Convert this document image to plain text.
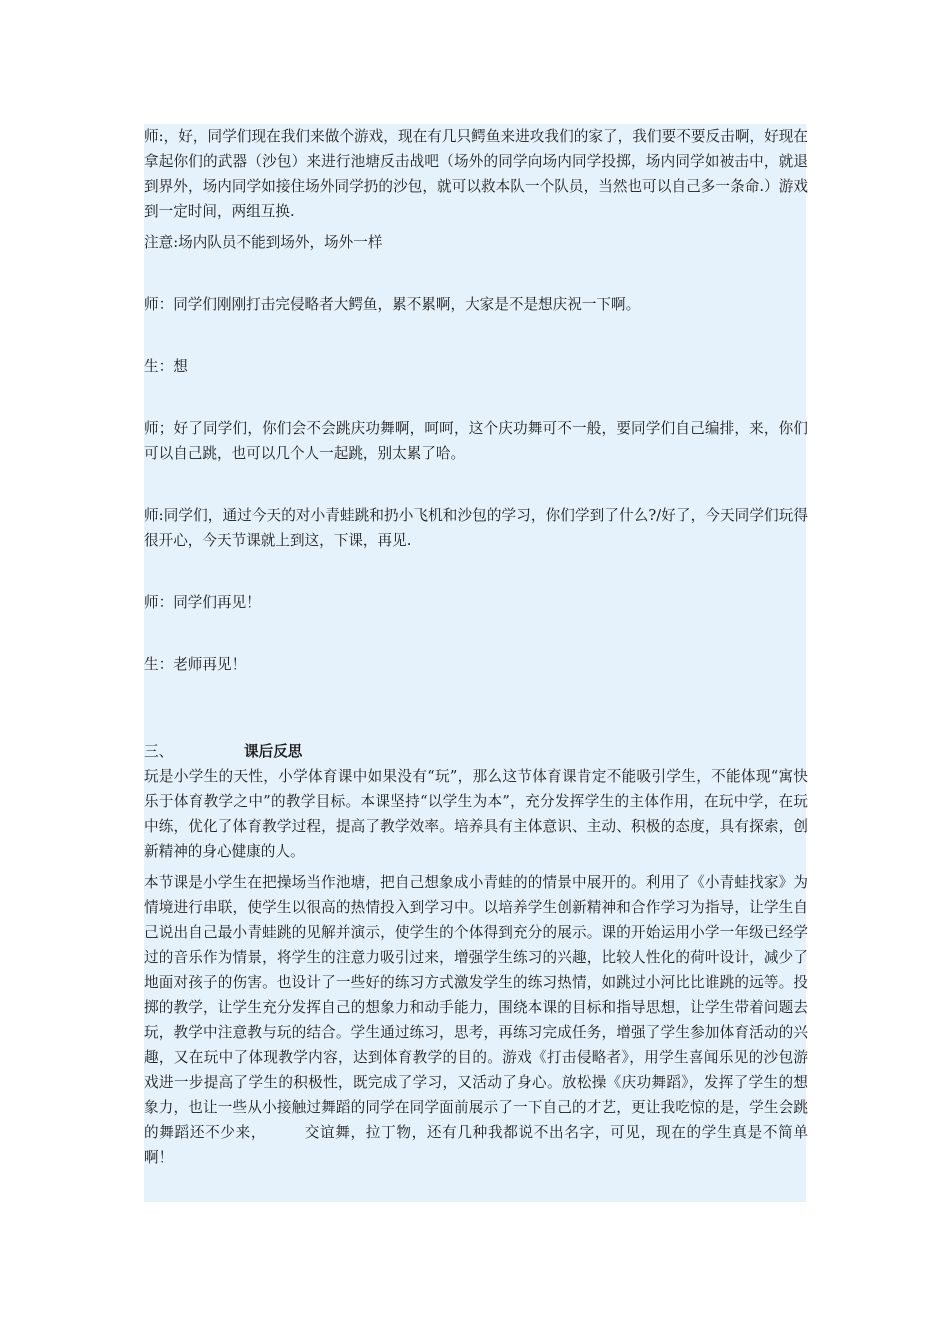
师:，好，同学们现在我们来做个游戏，现在有几只鳄鱼来进攻我们的家了，我们要不要反击啊，好现在拿起你们的武器（沙包）来进行池塘反击战吧（场外的同学向场内同学投掷，场内同学如被击中，就退到界外，场内同学如接住场外同学扔的沙包，就可以救本队一个队员，当然也可以自己多一条命.）游戏到一定时间，两组互换.

注意:场内队员不能到场外，场外一样

师：同学们刚刚打击完侵略者大鳄鱼，累不累啊，大家是不是想庆祝一下啊。

生：想

师；好了同学们，你们会不会跳庆功舞啊，呵呵，这个庆功舞可不一般，要同学们自己编排，来，你们可以自己跳，也可以几个人一起跳，别太累了哈。

师:同学们，通过今天的对小青蛙跳和扔小飞机和沙包的学习，你们学到了什么?/好了，今天同学们玩得很开心，今天节课就上到这，下课，再见.

师：同学们再见！

生：老师再见！

三、	课后反思

玩是小学生的天性，小学体育课中如果没有“玩”，那么这节体育课肯定不能吸引学生，不能体现“寓快乐于体育教学之中”的教学目标。本课坚持“以学生为本”，充分发挥学生的主体作用，在玩中学，在玩中练，优化了体育教学过程，提高了教学效率。培养具有主体意识、主动、积极的态度，具有探索，创新精神的身心健康的人。

本节课是小学生在把操场当作池塘，把自己想象成小青蛙的的情景中展开的。利用了《小青蛙找家》为情境进行串联，使学生以很高的热情投入到学习中。以培养学生创新精神和合作学习为指导，让学生自己说出自己最小青蛙跳的见解并演示，使学生的个体得到充分的展示。课的开始运用小学一年级已经学过的音乐作为情景，将学生的注意力吸引过来，增强学生练习的兴趣，比较人性化的荷叶设计，减少了地面对孩子的伤害。也设计了一些好的练习方式激发学生的练习热情，如跳过小河比比谁跳的远等。投掷的教学，让学生充分发挥自己的想象力和动手能力，围绕本课的目标和指导思想，让学生带着问题去玩，教学中注意教与玩的结合。学生通过练习，思考，再练习完成任务，增强了学生参加体育活动的兴趣，又在玩中了体现教学内容，达到体育教学的目的。游戏《打击侵略者》，用学生喜闻乐见的沙包游戏进一步提高了学生的积极性，既完成了学习，又活动了身心。放松操《庆功舞蹈》，发挥了学生的想象力，也让一些从小接触过舞蹈的同学在同学面前展示了一下自己的才艺，更让我吃惊的是，学生会跳的舞蹈还不少来，　　　交谊舞，拉丁物，还有几种我都说不出名字，可见，现在的学生真是不简单啊！
